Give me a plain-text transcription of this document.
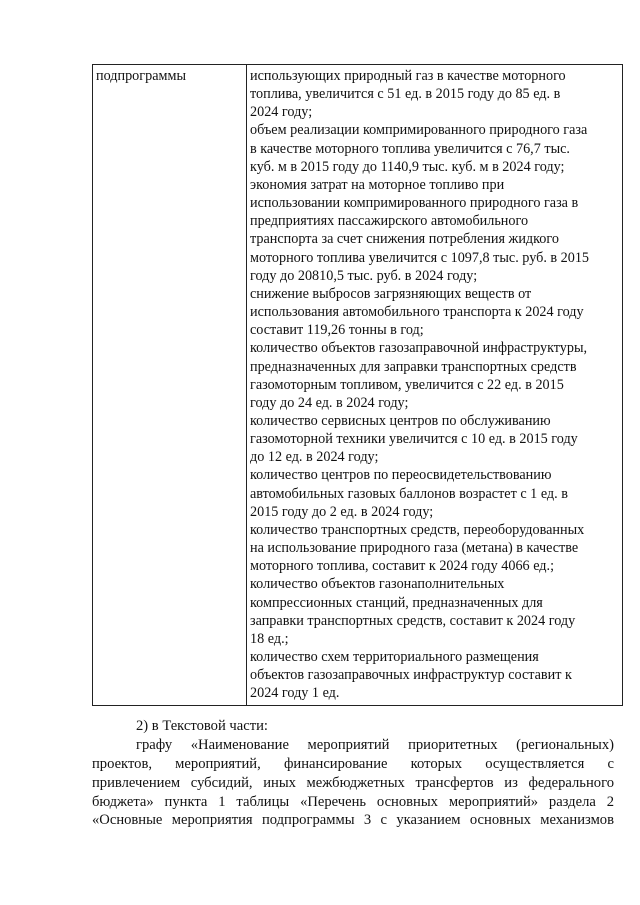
подпрограммы	использующих природный газ в качестве моторного
топлива, увеличится с 51 ед. в 2015 году до 85 ед. в
2024 году;
объем реализации компримированного природного газа
в качестве моторного топлива увеличится с 76,7 тыс.
куб. м в 2015 году до 1140,9 тыс. куб. м в 2024 году;
экономия затрат на моторное топливо при
использовании компримированного природного газа в
предприятиях пассажирского автомобильного
транспорта за счет снижения потребления жидкого
моторного топлива увеличится с 1097,8 тыс. руб. в 2015
году до 20810,5 тыс. руб. в 2024 году;
снижение выбросов загрязняющих веществ от
использования автомобильного транспорта к 2024 году
составит 119,26 тонны в год;
количество объектов газозаправочной инфраструктуры,
предназначенных для заправки транспортных средств
газомоторным топливом, увеличится с 22 ед. в 2015
году до 24 ед. в 2024 году;
количество сервисных центров по обслуживанию
газомоторной техники увеличится с 10 ед. в 2015 году
до 12 ед. в 2024 году;
количество центров по переосвидетельствованию
автомобильных газовых баллонов возрастет с 1 ед. в
2015 году до 2 ед. в 2024 году;
количество транспортных средств, переоборудованных
на использование природного газа (метана) в качестве
моторного топлива, составит к 2024 году 4066 ед.;
количество объектов газонаполнительных
компрессионных станций, предназначенных для
заправки транспортных средств, составит к 2024 году
18 ед.;
количество схем территориального размещения
объектов газозаправочных инфраструктур составит к
2024 году 1 ед.
2) в Текстовой части:
графу «Наименование мероприятий приоритетных (региональных)
проектов, мероприятий, финансирование которых осуществляется с
привлечением субсидий, иных межбюджетных трансфертов из федерального
бюджета» пункта 1 таблицы «Перечень основных мероприятий» раздела 2
«Основные мероприятия подпрограммы 3 с указанием основных механизмов
